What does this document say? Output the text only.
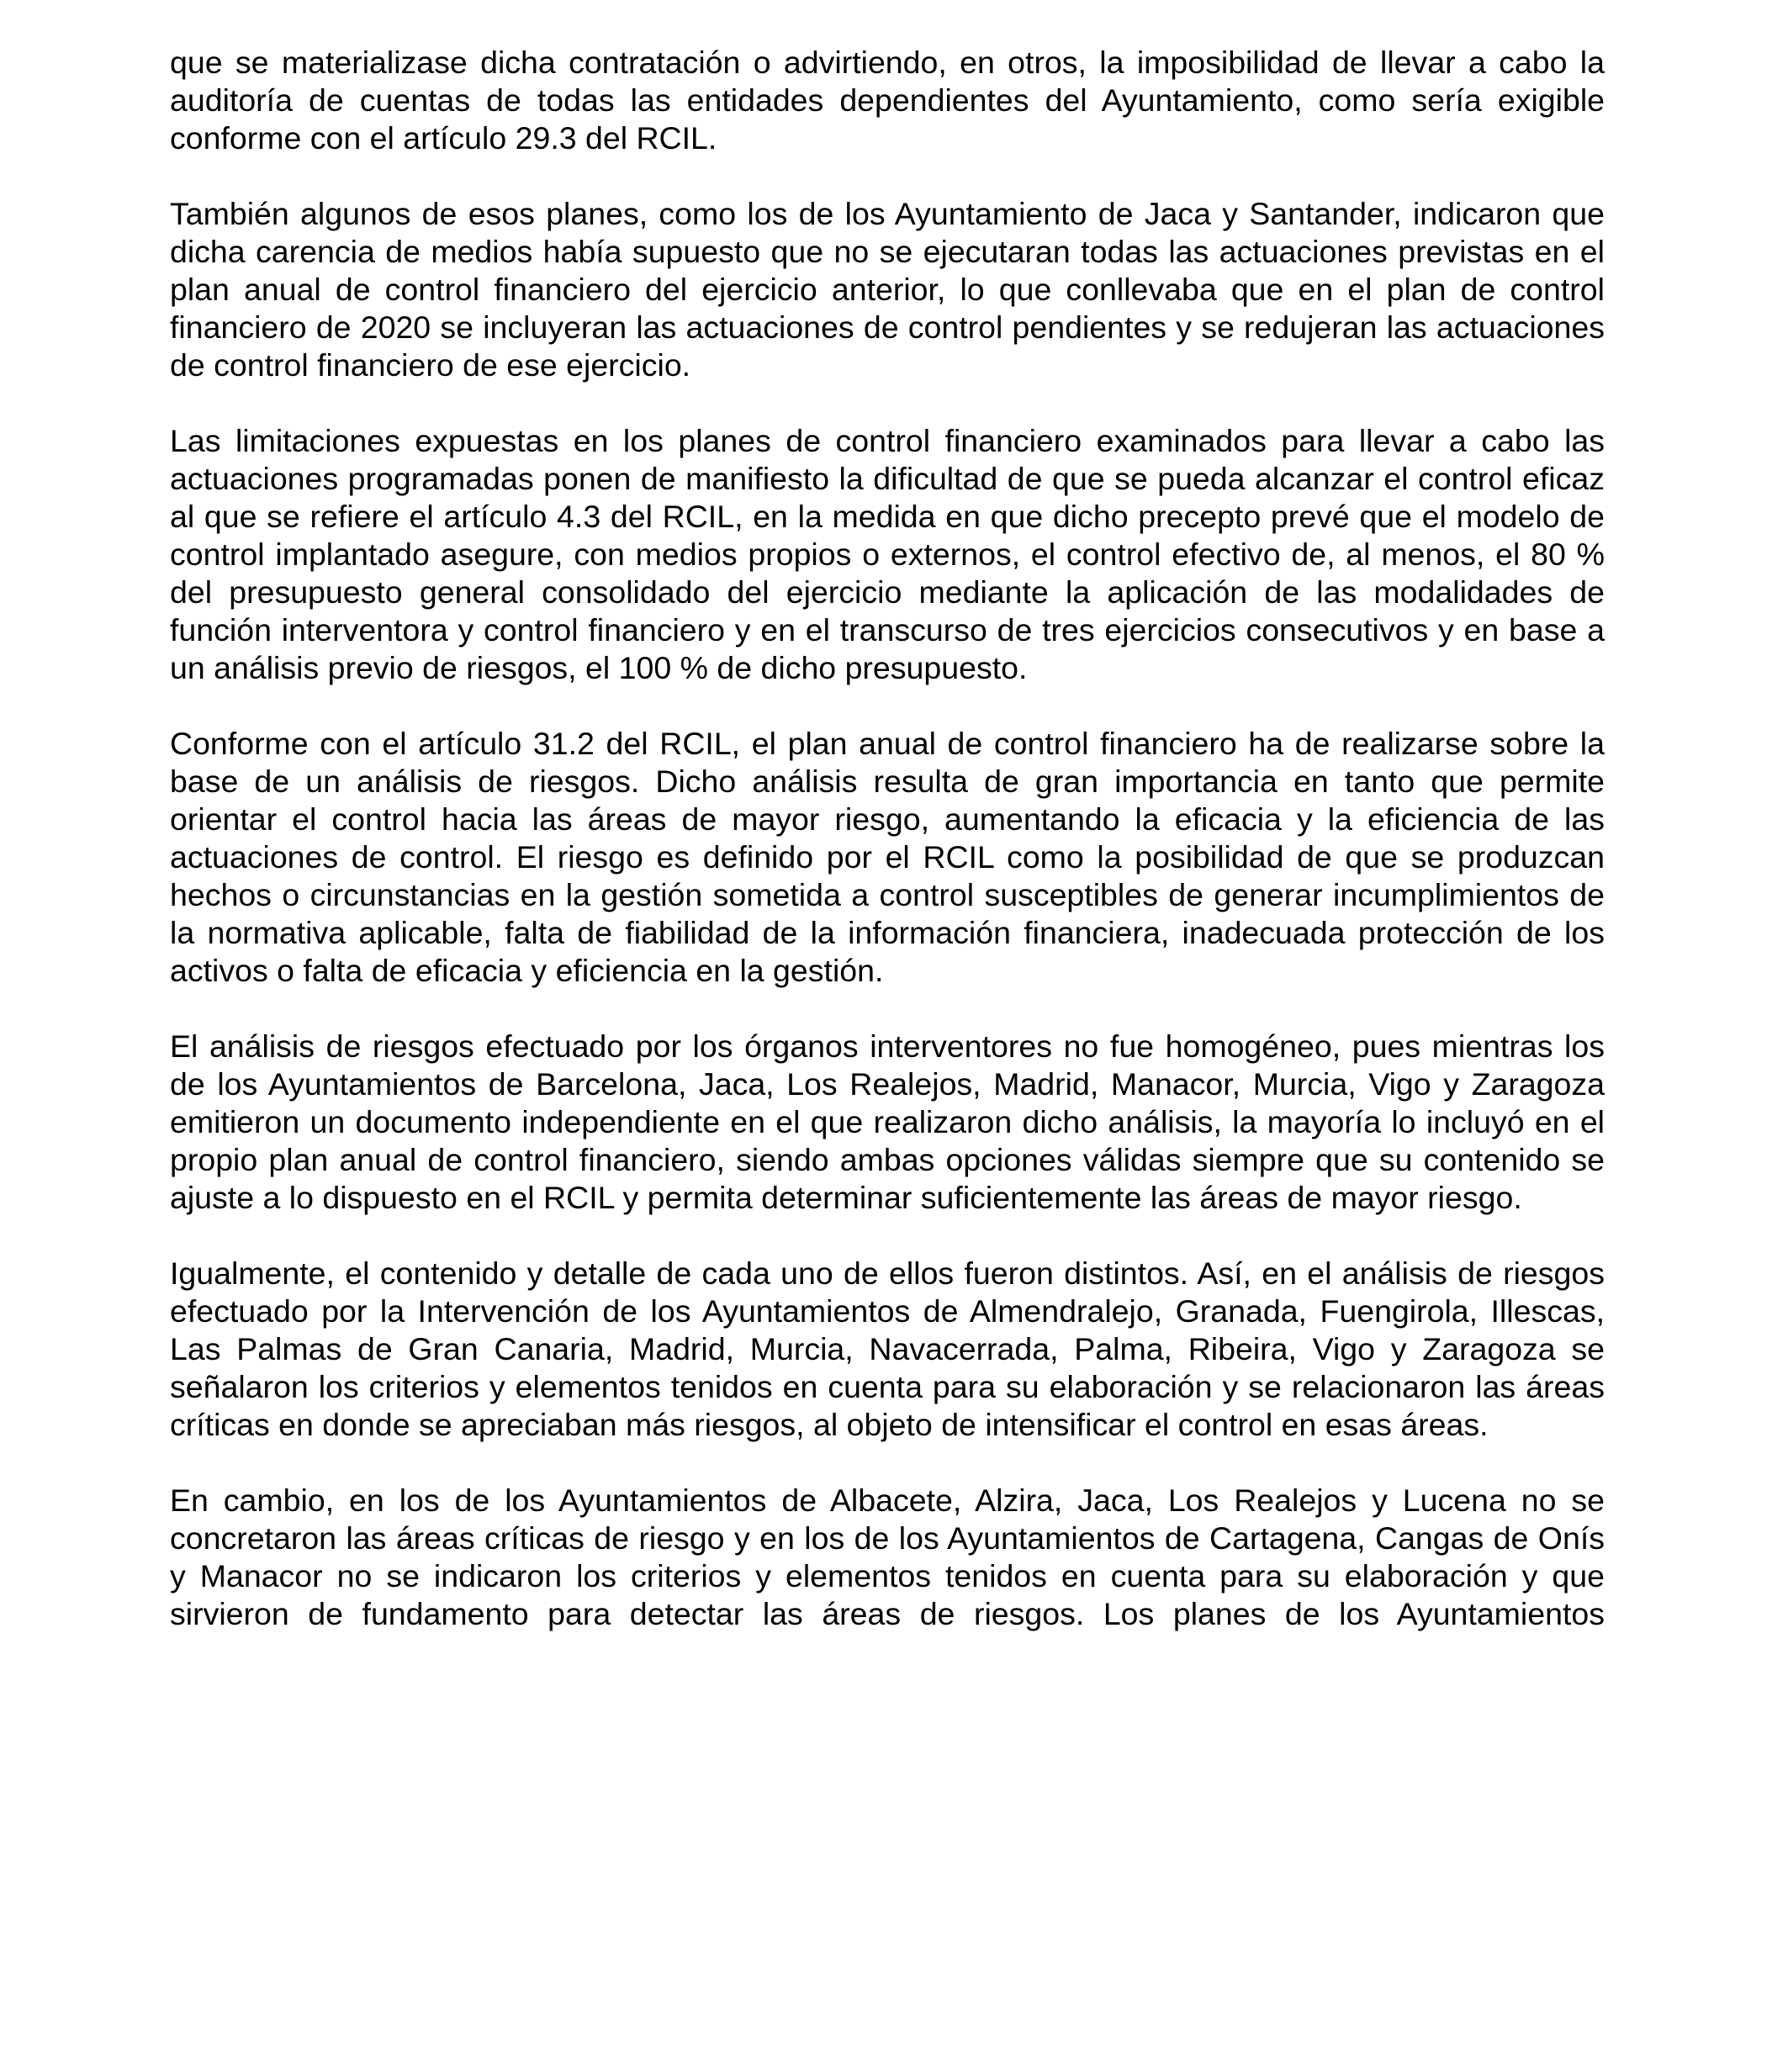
que se materializase dicha contratación o advirtiendo, en otros, la imposibilidad de llevar a cabo la auditoría de cuentas de todas las entidades dependientes del Ayuntamiento, como sería exigible conforme con el artículo 29.3 del RCIL.

También algunos de esos planes, como los de los Ayuntamiento de Jaca y Santander, indicaron que dicha carencia de medios había supuesto que no se ejecutaran todas las actuaciones previstas en el plan anual de control financiero del ejercicio anterior, lo que conllevaba que en el plan de control financiero de 2020 se incluyeran las actuaciones de control pendientes y se redujeran las actuaciones de control financiero de ese ejercicio.

Las limitaciones expuestas en los planes de control financiero examinados para llevar a cabo las actuaciones programadas ponen de manifiesto la dificultad de que se pueda alcanzar el control eficaz al que se refiere el artículo 4.3 del RCIL, en la medida en que dicho precepto prevé que el modelo de control implantado asegure, con medios propios o externos, el control efectivo de, al menos, el 80 % del presupuesto general consolidado del ejercicio mediante la aplicación de las modalidades de función interventora y control financiero y en el transcurso de tres ejercicios consecutivos y en base a un análisis previo de riesgos, el 100 % de dicho presupuesto.

Conforme con el artículo 31.2 del RCIL, el plan anual de control financiero ha de realizarse sobre la base de un análisis de riesgos. Dicho análisis resulta de gran importancia en tanto que permite orientar el control hacia las áreas de mayor riesgo, aumentando la eficacia y la eficiencia de las actuaciones de control. El riesgo es definido por el RCIL como la posibilidad de que se produzcan hechos o circunstancias en la gestión sometida a control susceptibles de generar incumplimientos de la normativa aplicable, falta de fiabilidad de la información financiera, inadecuada protección de los activos o falta de eficacia y eficiencia en la gestión.

El análisis de riesgos efectuado por los órganos interventores no fue homogéneo, pues mientras los de los Ayuntamientos de Barcelona, Jaca, Los Realejos, Madrid, Manacor, Murcia, Vigo y Zaragoza emitieron un documento independiente en el que realizaron dicho análisis, la mayoría lo incluyó en el propio plan anual de control financiero, siendo ambas opciones válidas siempre que su contenido se ajuste a lo dispuesto en el RCIL y permita determinar suficientemente las áreas de mayor riesgo.

Igualmente, el contenido y detalle de cada uno de ellos fueron distintos. Así, en el análisis de riesgos efectuado por la Intervención de los Ayuntamientos de Almendralejo, Granada, Fuengirola, Illescas, Las Palmas de Gran Canaria, Madrid, Murcia, Navacerrada, Palma, Ribeira, Vigo y Zaragoza se señalaron los criterios y elementos tenidos en cuenta para su elaboración y se relacionaron las áreas críticas en donde se apreciaban más riesgos, al objeto de intensificar el control en esas áreas.

En cambio, en los de los Ayuntamientos de Albacete, Alzira, Jaca, Los Realejos y Lucena no se concretaron las áreas críticas de riesgo y en los de los Ayuntamientos de Cartagena, Cangas de Onís y Manacor no se indicaron los criterios y elementos tenidos en cuenta para su elaboración y que sirvieron de fundamento para detectar las áreas de riesgos. Los planes de los Ayuntamientos
